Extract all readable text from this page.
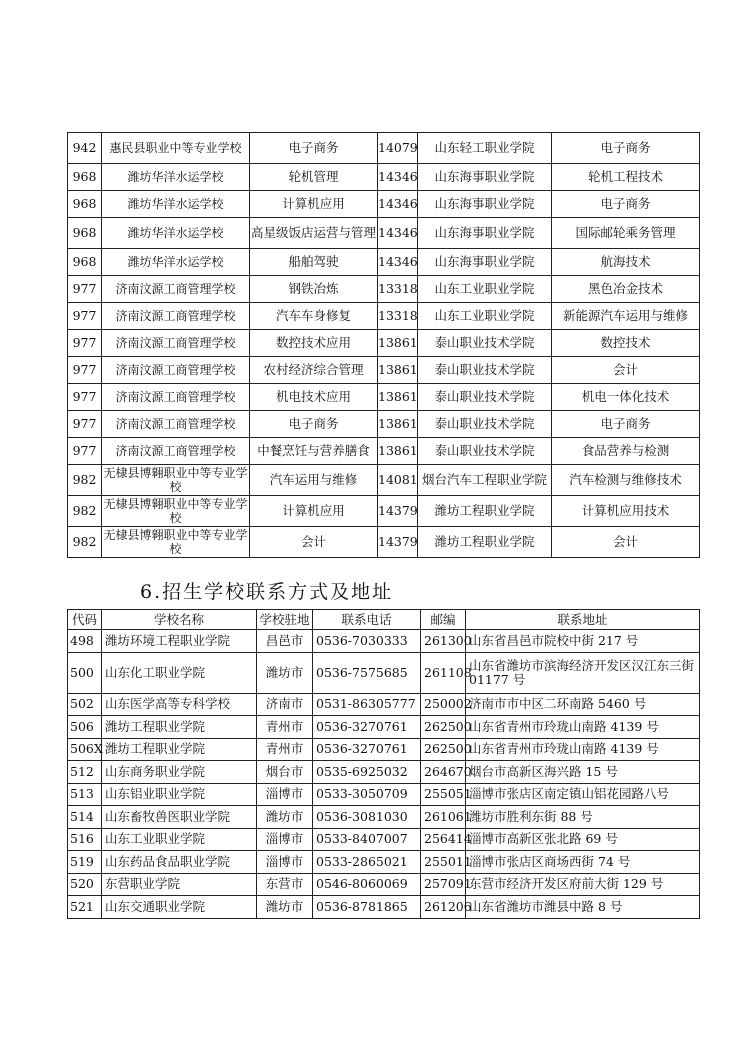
942	惠民县职业中等专业学校	电子商务	14079	山东轻工职业学院	电子商务
968	潍坊华洋水运学校	轮机管理	14346	山东海事职业学院	轮机工程技术
968	潍坊华洋水运学校	计算机应用	14346	山东海事职业学院	电子商务
968	潍坊华洋水运学校	高星级饭店运营与管理	14346	山东海事职业学院	国际邮轮乘务管理
968	潍坊华洋水运学校	船舶驾驶	14346	山东海事职业学院	航海技术
977	济南汶源工商管理学校	钢铁冶炼	13318	山东工业职业学院	黑色冶金技术
977	济南汶源工商管理学校	汽车车身修复	13318	山东工业职业学院	新能源汽车运用与维修
977	济南汶源工商管理学校	数控技术应用	13861	泰山职业技术学院	数控技术
977	济南汶源工商管理学校	农村经济综合管理	13861	泰山职业技术学院	会计
977	济南汶源工商管理学校	机电技术应用	13861	泰山职业技术学院	机电一体化技术
977	济南汶源工商管理学校	电子商务	13861	泰山职业技术学院	电子商务
977	济南汶源工商管理学校	中餐烹饪与营养膳食	13861	泰山职业技术学院	食品营养与检测
982	无棣县博翱职业中等专业学校	汽车运用与维修	14081	烟台汽车工程职业学院	汽车检测与维修技术
982	无棣县博翱职业中等专业学校	计算机应用	14379	潍坊工程职业学院	计算机应用技术
982	无棣县博翱职业中等专业学校	会计	14379	潍坊工程职业学院	会计
6.招生学校联系方式及地址
代码	学校名称	学校驻地	联系电话	邮编	联系地址
498	潍坊环境工程职业学院	昌邑市	0536-7030333	261300	山东省昌邑市院校中街 217 号
500	山东化工职业学院	潍坊市	0536-7575685	261108	山东省潍坊市滨海经济开发区汉江东三街 01177 号
502	山东医学高等专科学校	济南市	0531-86305777	250002	济南市市中区二环南路 5460 号
506	潍坊工程职业学院	青州市	0536-3270761	262500	山东省青州市玲珑山南路 4139 号
506X	潍坊工程职业学院	青州市	0536-3270761	262500	山东省青州市玲珑山南路 4139 号
512	山东商务职业学院	烟台市	0535-6925032	264670	烟台市高新区海兴路 15 号
513	山东铝业职业学院	淄博市	0533-3050709	255051	淄博市张店区南定镇山铝花园路八号
514	山东畜牧兽医职业学院	潍坊市	0536-3081030	261061	潍坊市胜利东街 88 号
516	山东工业职业学院	淄博市	0533-8407007	256414	淄博市高新区张北路 69 号
519	山东药品食品职业学院	淄博市	0533-2865021	255011	淄博市张店区商场西街 74 号
520	东营职业学院	东营市	0546-8060069	257091	东营市经济开发区府前大街 129 号
521	山东交通职业学院	潍坊市	0536-8781865	261206	山东省潍坊市潍县中路 8 号
